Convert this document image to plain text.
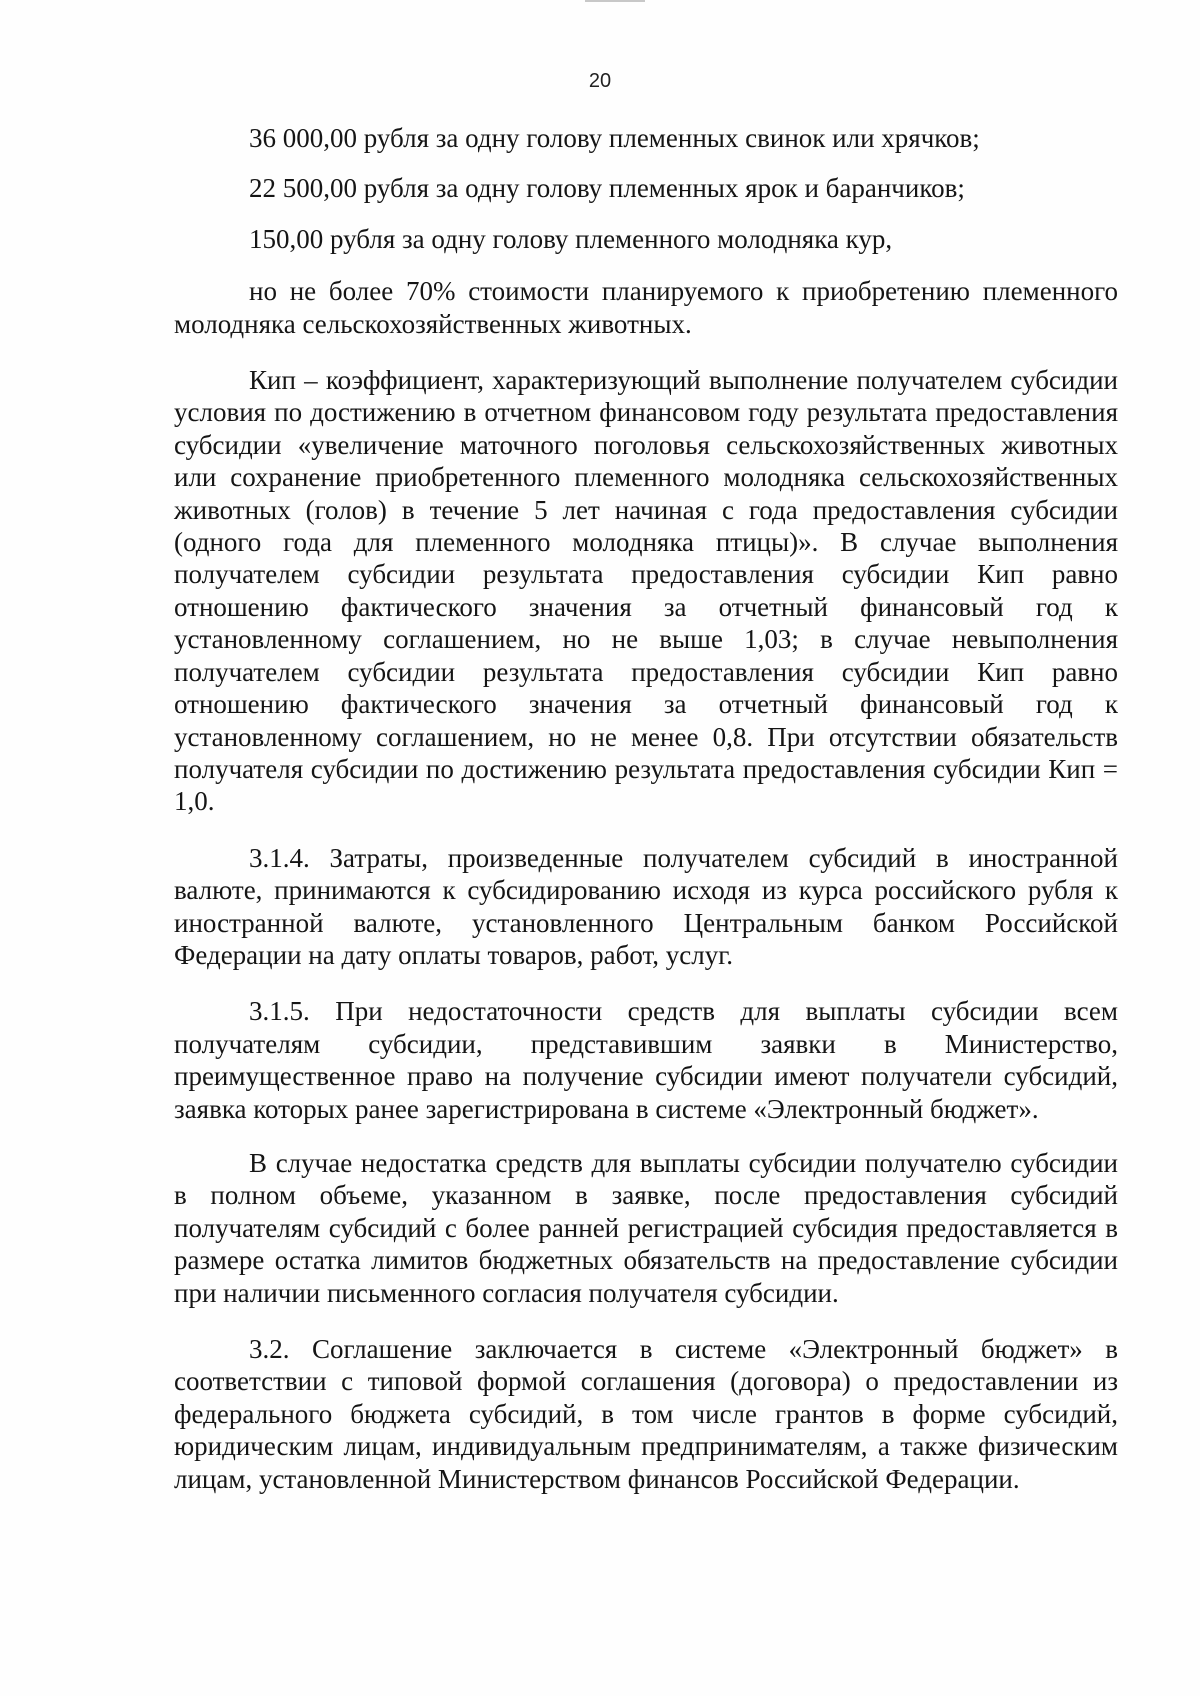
20

36 000,00 рубля за одну голову племенных свинок или хрячков;

22 500,00 рубля за одну голову племенных ярок и баранчиков;

150,00 рубля за одну голову племенного молодняка кур,

но не более 70% стоимости планируемого к приобретению племенного молодняка сельскохозяйственных животных.

Кип – коэффициент, характеризующий выполнение получателем субсидии условия по достижению в отчетном финансовом году результата предоставления субсидии «увеличение маточного поголовья сельскохозяйственных животных или сохранение приобретенного племенного молодняка сельскохозяйственных животных (голов) в течение 5 лет начиная с года предоставления субсидии (одного года для племенного молодняка птицы)». В случае выполнения получателем субсидии результата предоставления субсидии Кип равно отношению фактического значения за отчетный финансовый год к установленному соглашением, но не выше 1,03; в случае невыполнения получателем субсидии результата предоставления субсидии Кип равно отношению фактического значения за отчетный финансовый год к установленному соглашением, но не менее 0,8. При отсутствии обязательств получателя субсидии по достижению результата предоставления субсидии Кип = 1,0.

3.1.4. Затраты, произведенные получателем субсидий в иностранной валюте, принимаются к субсидированию исходя из курса российского рубля к иностранной валюте, установленного Центральным банком Российской Федерации на дату оплаты товаров, работ, услуг.

3.1.5. При недостаточности средств для выплаты субсидии всем получателям субсидии, представившим заявки в Министерство, преимущественное право на получение субсидии имеют получатели субсидий, заявка которых ранее зарегистрирована в системе «Электронный бюджет».

В случае недостатка средств для выплаты субсидии получателю субсидии в полном объеме, указанном в заявке, после предоставления субсидий получателям субсидий с более ранней регистрацией субсидия предоставляется в размере остатка лимитов бюджетных обязательств на предоставление субсидии при наличии письменного согласия получателя субсидии.

3.2. Соглашение заключается в системе «Электронный бюджет» в соответствии с типовой формой соглашения (договора) о предоставлении из федерального бюджета субсидий, в том числе грантов в форме субсидий, юридическим лицам, индивидуальным предпринимателям, а также физическим лицам, установленной Министерством финансов Российской Федерации.
